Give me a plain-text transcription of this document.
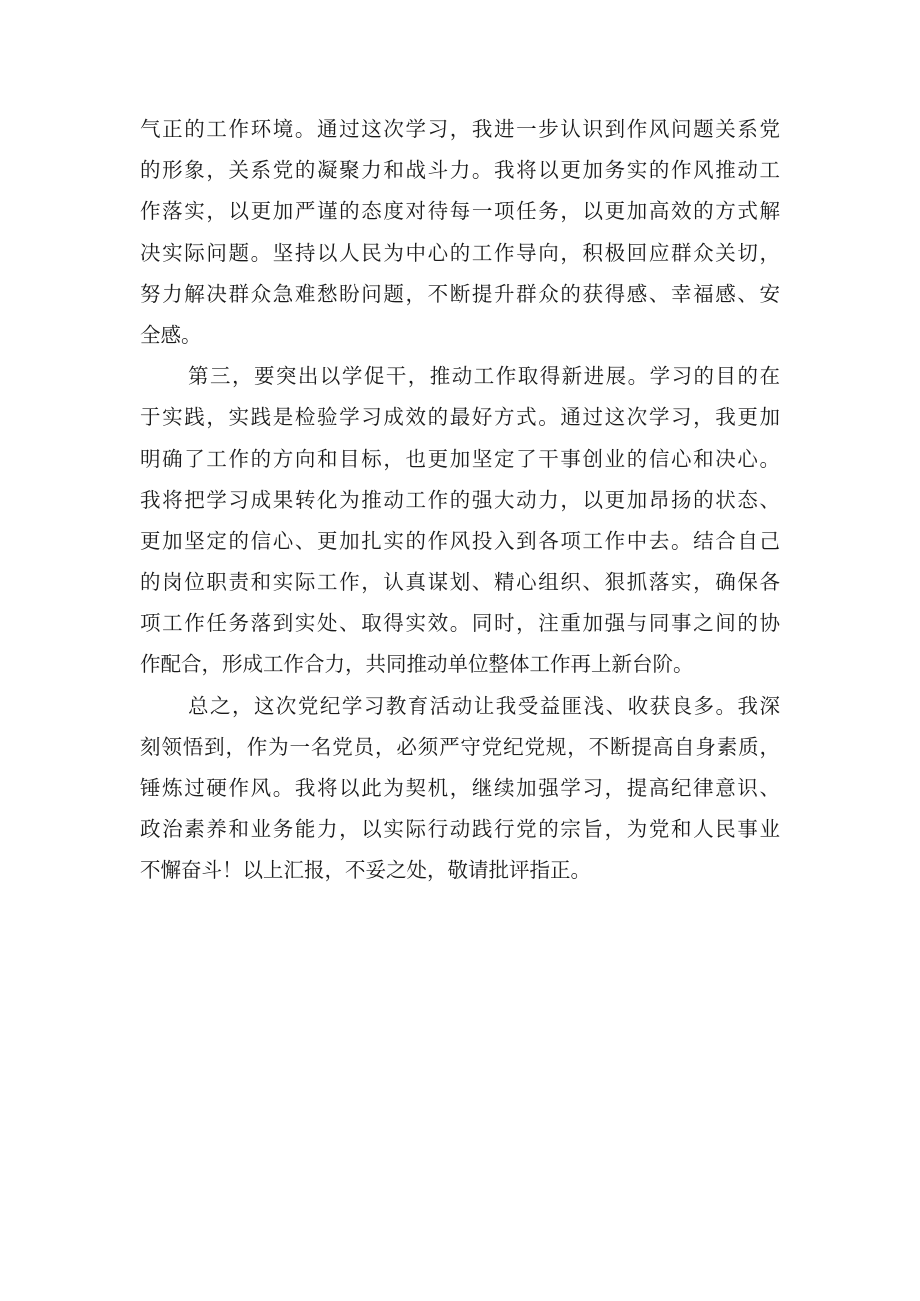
气正的工作环境。通过这次学习，我进一步认识到作风问题关系党
的形象，关系党的凝聚力和战斗力。我将以更加务实的作风推动工
作落实，以更加严谨的态度对待每一项任务，以更加高效的方式解
决实际问题。坚持以人民为中心的工作导向，积极回应群众关切，
努力解决群众急难愁盼问题，不断提升群众的获得感、幸福感、安
全感。
第三，要突出以学促干，推动工作取得新进展。学习的目的在
于实践，实践是检验学习成效的最好方式。通过这次学习，我更加
明确了工作的方向和目标，也更加坚定了干事创业的信心和决心。
我将把学习成果转化为推动工作的强大动力，以更加昂扬的状态、
更加坚定的信心、更加扎实的作风投入到各项工作中去。结合自己
的岗位职责和实际工作，认真谋划、精心组织、狠抓落实，确保各
项工作任务落到实处、取得实效。同时，注重加强与同事之间的协
作配合，形成工作合力，共同推动单位整体工作再上新台阶。
总之，这次党纪学习教育活动让我受益匪浅、收获良多。我深
刻领悟到，作为一名党员，必须严守党纪党规，不断提高自身素质，
锤炼过硬作风。我将以此为契机，继续加强学习，提高纪律意识、
政治素养和业务能力，以实际行动践行党的宗旨，为党和人民事业
不懈奋斗！以上汇报，不妥之处，敬请批评指正。
